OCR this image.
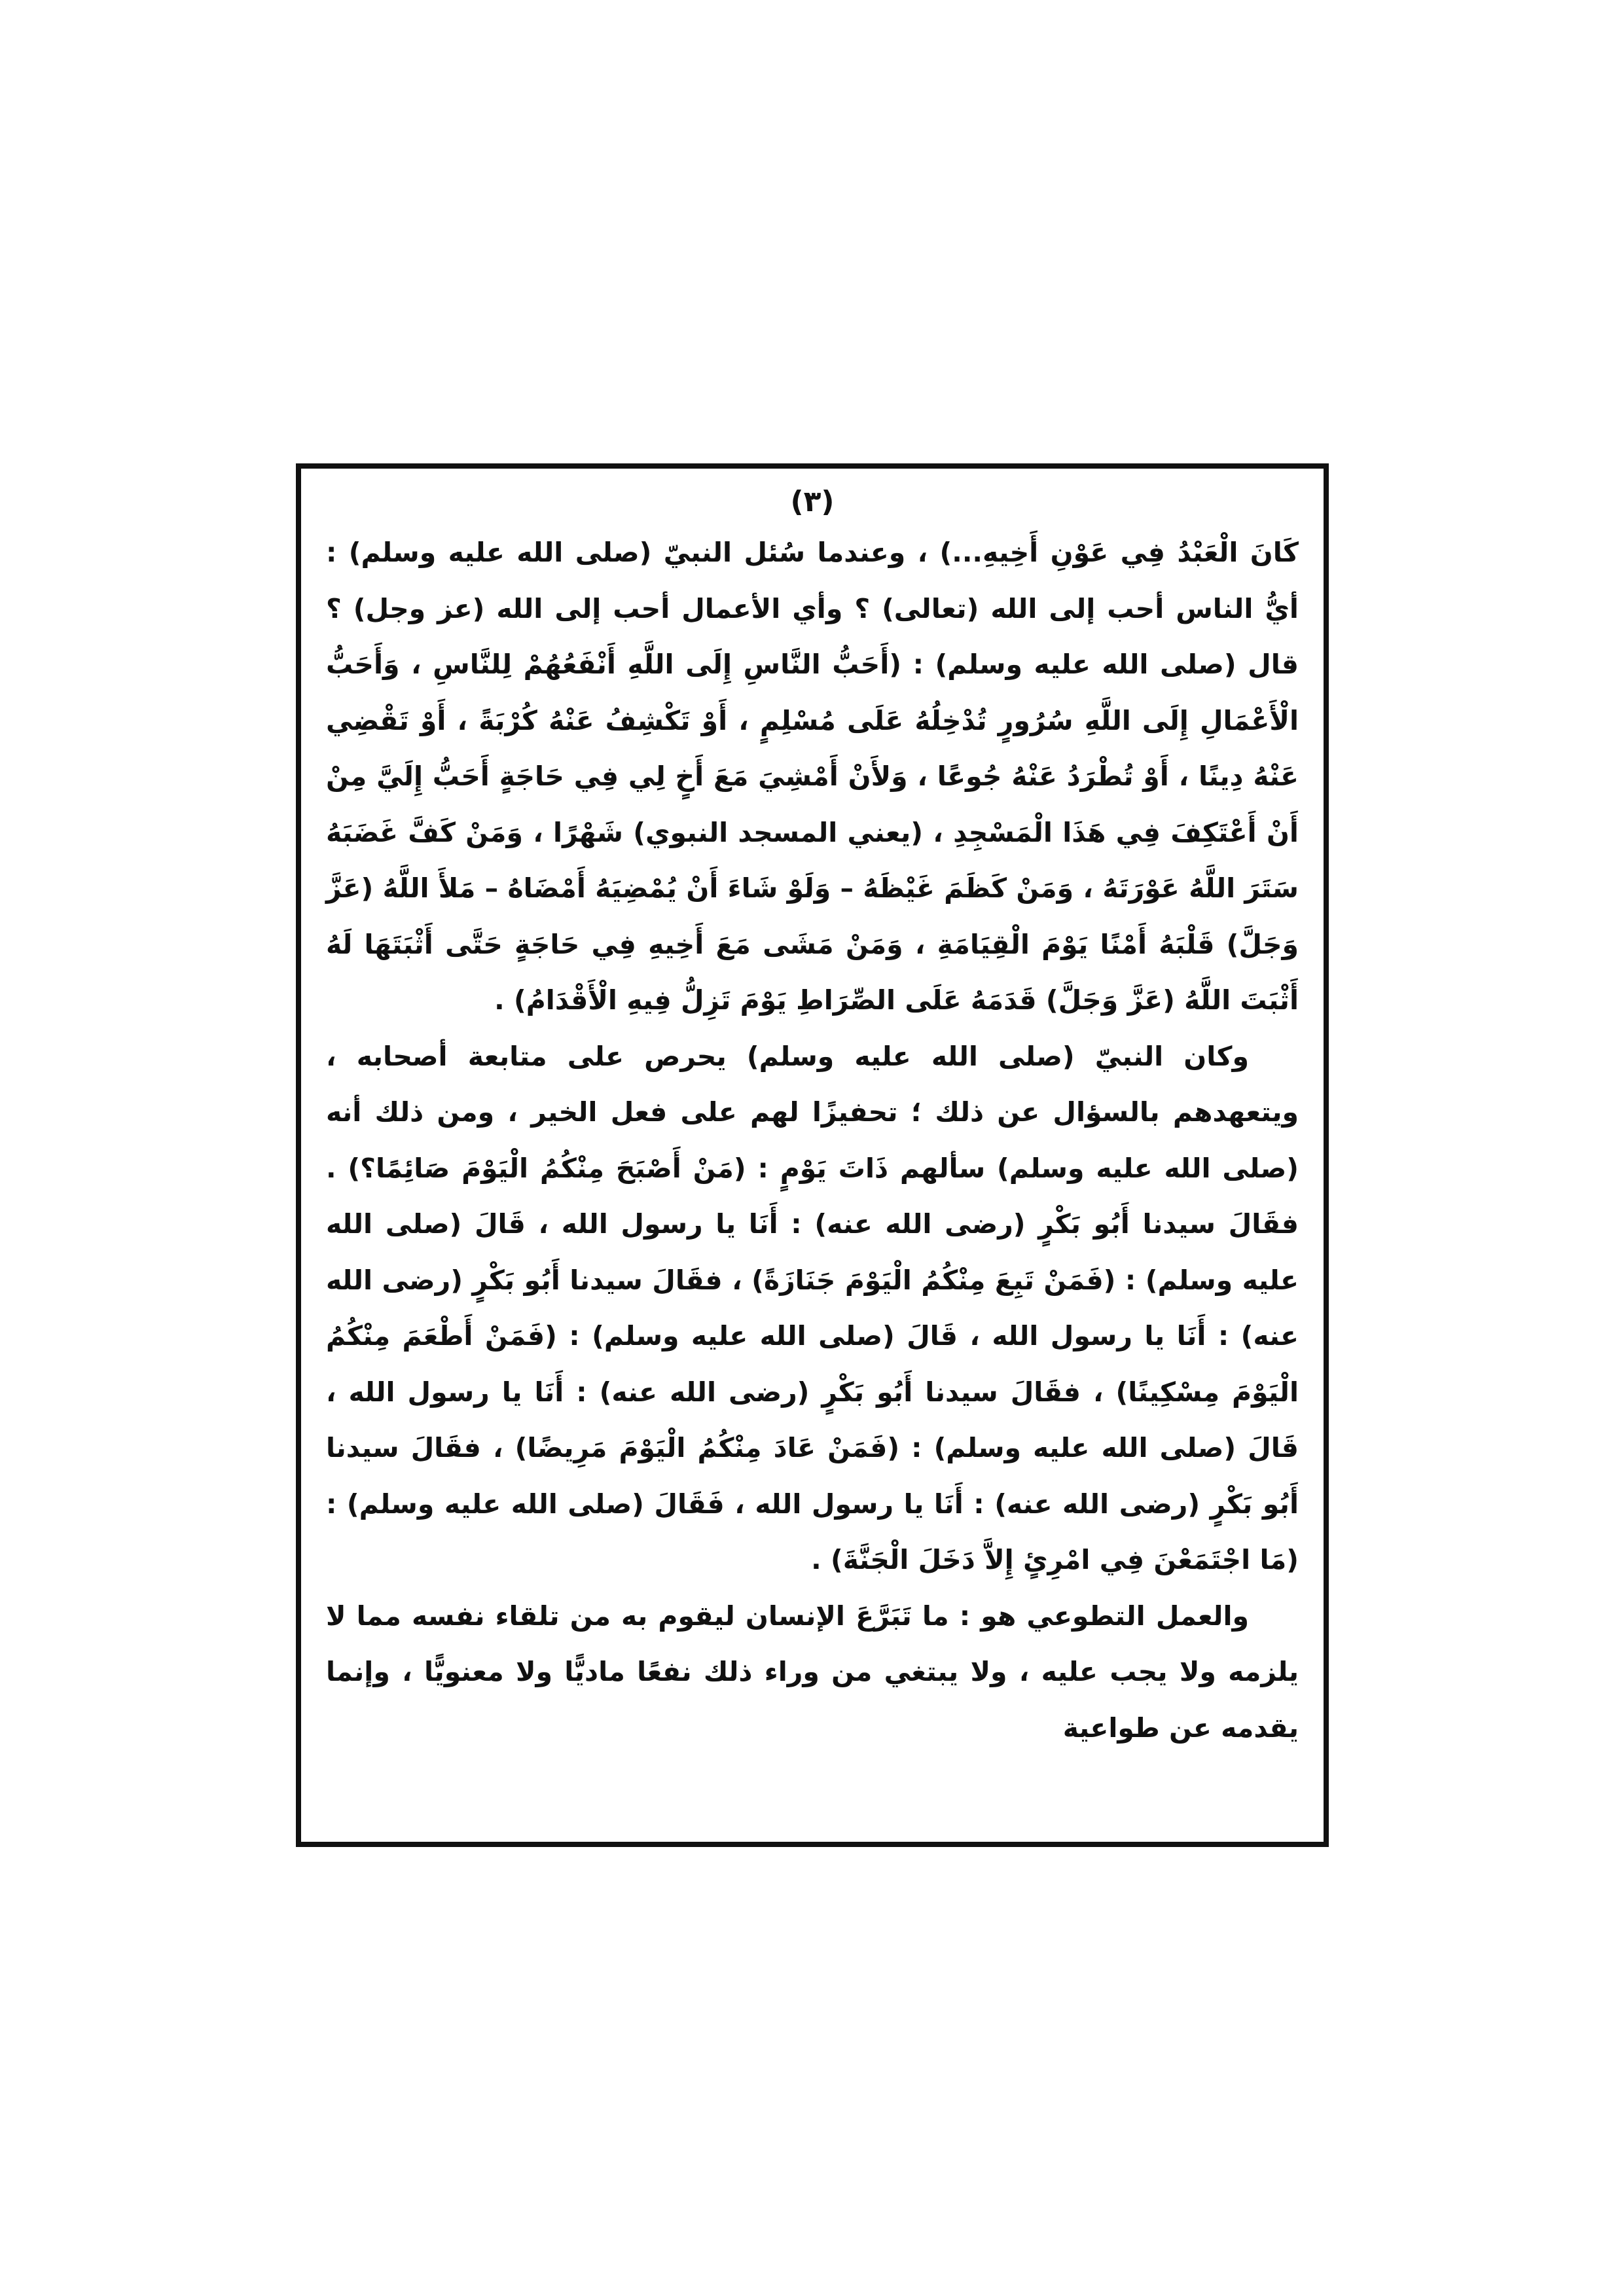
(٣)

كَانَ الْعَبْدُ فِي عَوْنِ أَخِيهِ...) ، وعندما سُئل النبيّ (صلى الله عليه وسلم) : أيُّ الناس أحب إلى الله (تعالى) ؟ وأي الأعمال أحب إلى الله (عز وجل) ؟ قال (صلى الله عليه وسلم) : (أَحَبُّ النَّاسِ إِلَى اللَّهِ أَنْفَعُهُمْ لِلنَّاسِ ، وَأَحَبُّ الْأَعْمَالِ إِلَى اللَّهِ سُرُورٍ تُدْخِلُهُ عَلَى مُسْلِمٍ ، أَوْ تَكْشِفُ عَنْهُ كُرْبَةً ، أَوْ تَقْضِي عَنْهُ دِينًا ، أَوْ تُطْرَدُ عَنْهُ جُوعًا ، وَلأَنْ أَمْشِيَ مَعَ أَخٍ لِي فِي حَاجَةٍ أَحَبُّ إِلَيَّ مِنْ أَنْ أَعْتَكِفَ فِي هَذَا الْمَسْجِدِ ، (يعني المسجد النبوي) شَهْرًا ، وَمَنْ كَفَّ غَضَبَهُ سَتَرَ اللَّهُ عَوْرَتَهُ ، وَمَنْ كَظَمَ غَيْظَهُ – وَلَوْ شَاءَ أَنْ يُمْضِيَهُ أَمْضَاهُ – مَلأَ اللَّهُ (عَزَّ وَجَلَّ) قَلْبَهُ أَمْنًا يَوْمَ الْقِيَامَةِ ، وَمَنْ مَشَى مَعَ أَخِيهِ فِي حَاجَةٍ حَتَّى أَثْبَتَهَا لَهُ أَثْبَتَ اللَّهُ (عَزَّ وَجَلَّ) قَدَمَهُ عَلَى الصِّرَاطِ يَوْمَ تَزِلُّ فِيهِ الْأَقْدَامُ) .

وكان النبيّ (صلى الله عليه وسلم) يحرص على متابعة أصحابه ، ويتعهدهم بالسؤال عن ذلك ؛ تحفيزًا لهم على فعل الخير ، ومن ذلك أنه (صلى الله عليه وسلم) سألهم ذَاتَ يَوْمٍ : (مَنْ أَصْبَحَ مِنْكُمُ الْيَوْمَ صَائِمًا؟) . فقَالَ سيدنا أَبُو بَكْرٍ (رضى الله عنه) : أَنَا يا رسول الله ، قَالَ (صلى الله عليه وسلم) : (فَمَنْ تَبِعَ مِنْكُمُ الْيَوْمَ جَنَازَةً) ، فقَالَ سيدنا أَبُو بَكْرٍ (رضى الله عنه) : أَنَا يا رسول الله ، قَالَ (صلى الله عليه وسلم) : (فَمَنْ أَطْعَمَ مِنْكُمُ الْيَوْمَ مِسْكِينًا) ، فقَالَ سيدنا أَبُو بَكْرٍ (رضى الله عنه) : أَنَا يا رسول الله ، قَالَ (صلى الله عليه وسلم) : (فَمَنْ عَادَ مِنْكُمُ الْيَوْمَ مَرِيضًا) ، فقَالَ سيدنا أَبُو بَكْرٍ (رضى الله عنه) : أَنَا يا رسول الله ، فَقَالَ (صلى الله عليه وسلم) : (مَا اجْتَمَعْنَ فِي امْرِئٍ إِلاَّ دَخَلَ الْجَنَّةَ) .

والعمل التطوعي هو : ما تَبَرَّعَ الإنسان ليقوم به من تلقاء نفسه مما لا يلزمه ولا يجب عليه ، ولا يبتغي من وراء ذلك نفعًا ماديًّا ولا معنويًّا ، وإنما يقدمه عن طواعية
